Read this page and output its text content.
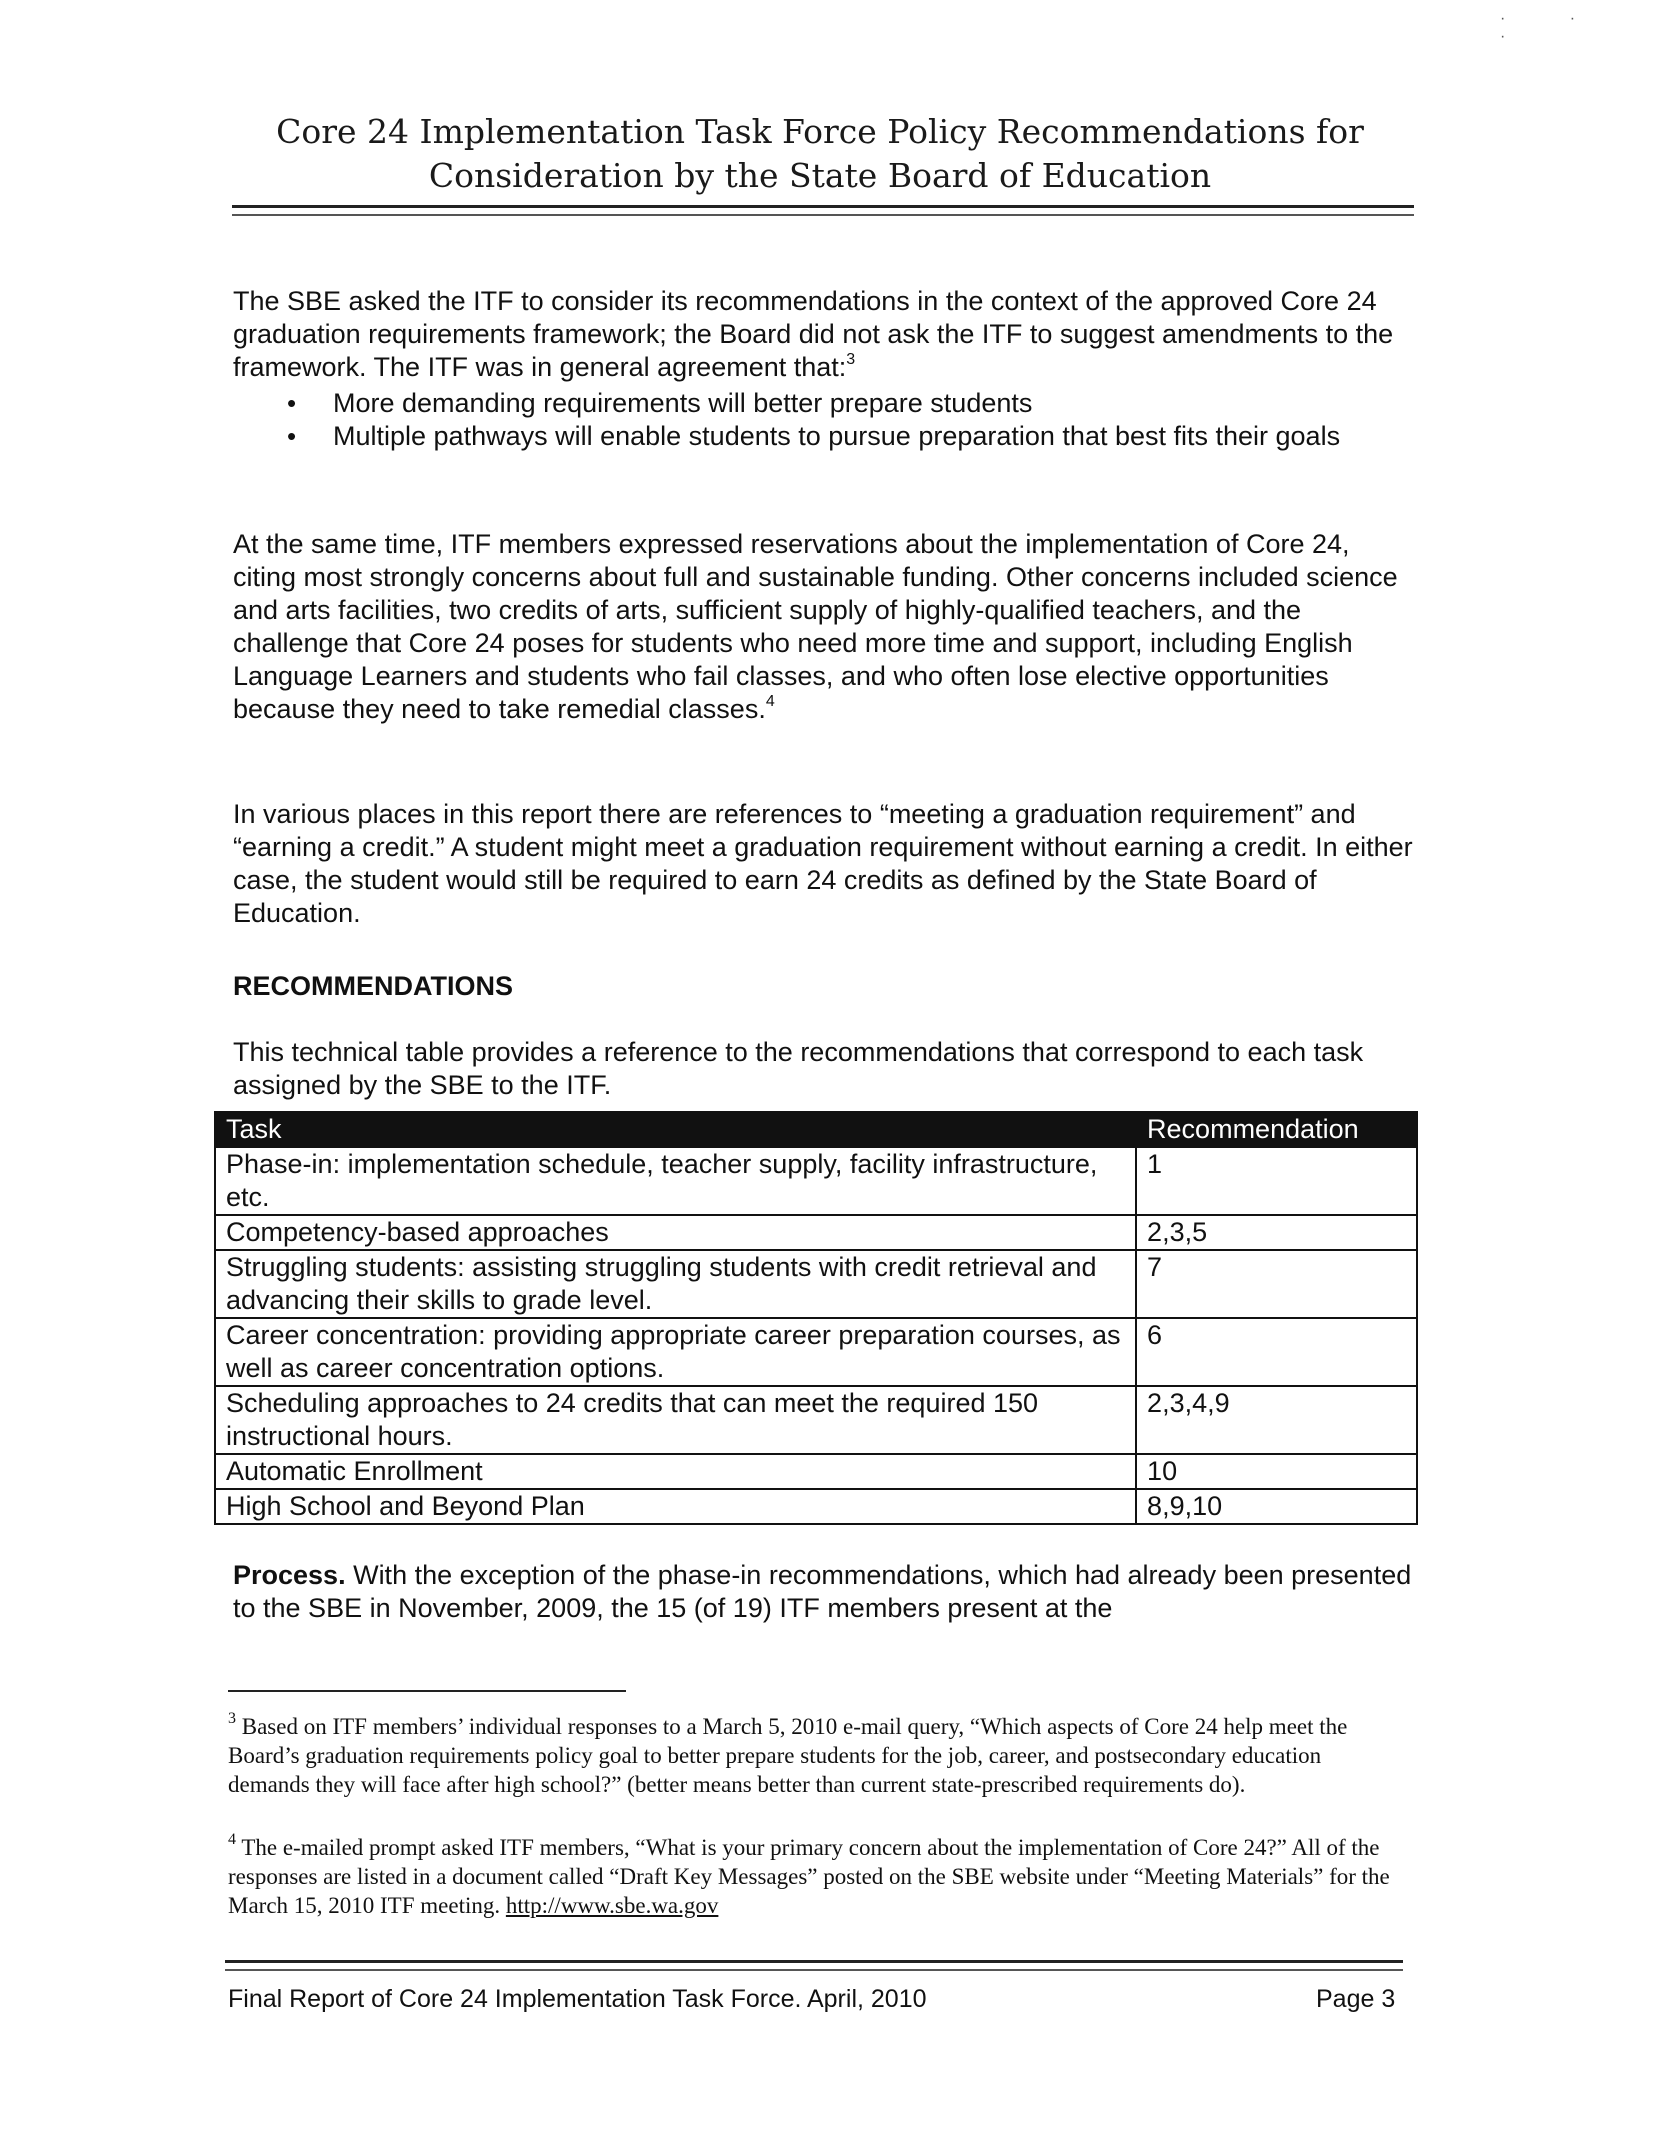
· · ·
Core 24 Implementation Task Force Policy Recommendations for
Consideration by the State Board of Education

The SBE asked the ITF to consider its recommendations in the context of the approved Core 24 graduation requirements framework; the Board did not ask the ITF to suggest amendments to the framework. The ITF was in general agreement that:$^3$

• More demanding requirements will better prepare students
• Multiple pathways will enable students to pursue preparation that best fits their goals

At the same time, ITF members expressed reservations about the implementation of Core 24, citing most strongly concerns about full and sustainable funding. Other concerns included science and arts facilities, two credits of arts, sufficient supply of highly-qualified teachers, and the challenge that Core 24 poses for students who need more time and support, including English Language Learners and students who fail classes, and who often lose elective opportunities because they need to take remedial classes.$^4$

In various places in this report there are references to “meeting a graduation requirement” and “earning a credit.” A student might meet a graduation requirement without earning a credit. In either case, the student would still be required to earn 24 credits as defined by the State Board of Education.

RECOMMENDATIONS

This technical table provides a reference to the recommendations that correspond to each task assigned by the SBE to the ITF.

Task	Recommendation
Phase-in: implementation schedule, teacher supply, facility infrastructure, etc.	1
Competency-based approaches	2,3,5
Struggling students: assisting struggling students with credit retrieval and advancing their skills to grade level.	7
Career concentration: providing appropriate career preparation courses, as well as career concentration options.	6
Scheduling approaches to 24 credits that can meet the required 150 instructional hours.	2,3,4,9
Automatic Enrollment	10
High School and Beyond Plan	8,9,10

Process. With the exception of the phase-in recommendations, which had already been presented to the SBE in November, 2009, the 15 (of 19) ITF members present at the

$^3$ Based on ITF members’ individual responses to a March 5, 2010 e-mail query, “Which aspects of Core 24 help meet the Board’s graduation requirements policy goal to better prepare students for the job, career, and postsecondary education demands they will face after high school?” (better means better than current state-prescribed requirements do).

$^4$ The e-mailed prompt asked ITF members, “What is your primary concern about the implementation of Core 24?” All of the responses are listed in a document called “Draft Key Messages” posted on the SBE website under “Meeting Materials” for the March 15, 2010 ITF meeting. http://www.sbe.wa.gov

Final Report of Core 24 Implementation Task Force. April, 2010	Page 3
